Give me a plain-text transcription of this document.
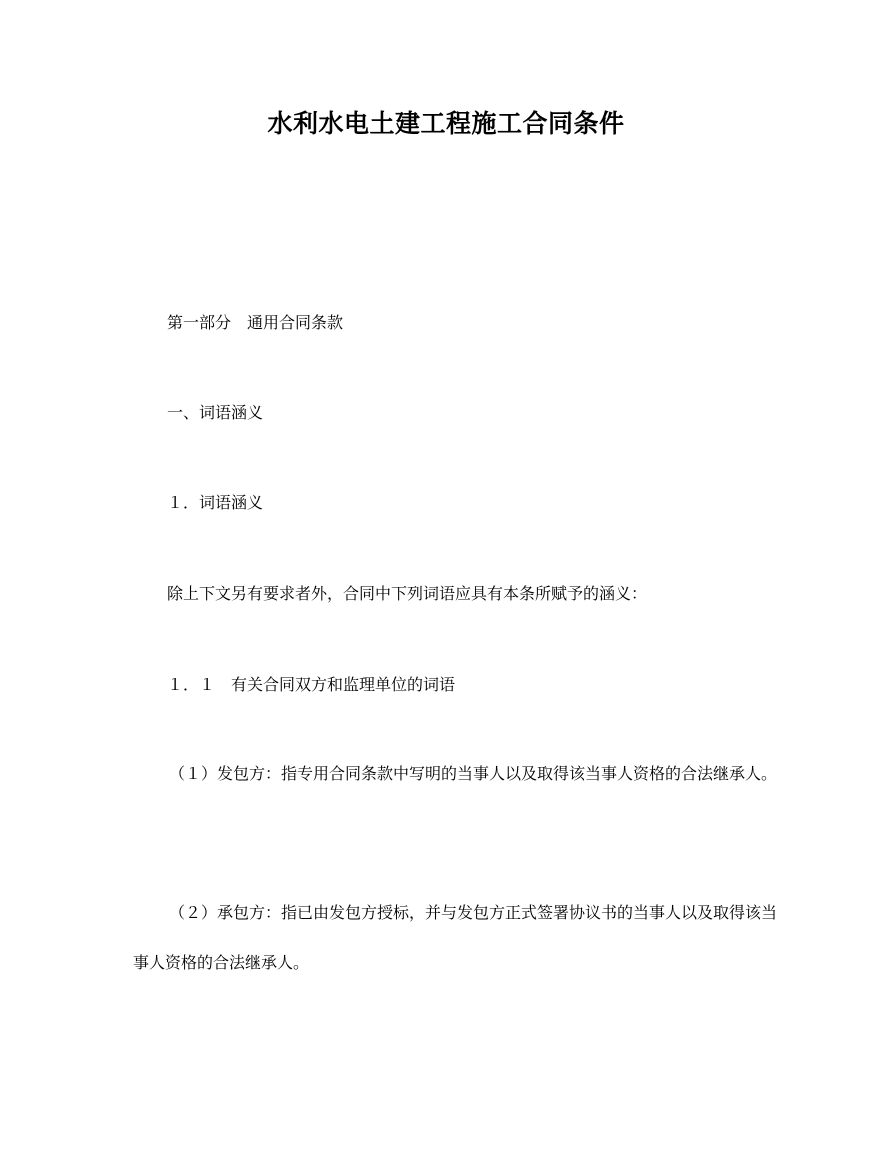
水利水电土建工程施工合同条件
第一部分　通用合同条款
一、词语涵义
１．词语涵义
除上下文另有要求者外，合同中下列词语应具有本条所赋予的涵义：
１．１　有关合同双方和监理单位的词语
（１）发包方：指专用合同条款中写明的当事人以及取得该当事人资格的合法继承人。
（２）承包方：指已由发包方授标，并与发包方正式签署协议书的当事人以及取得该当事人资格的合法继承人。
